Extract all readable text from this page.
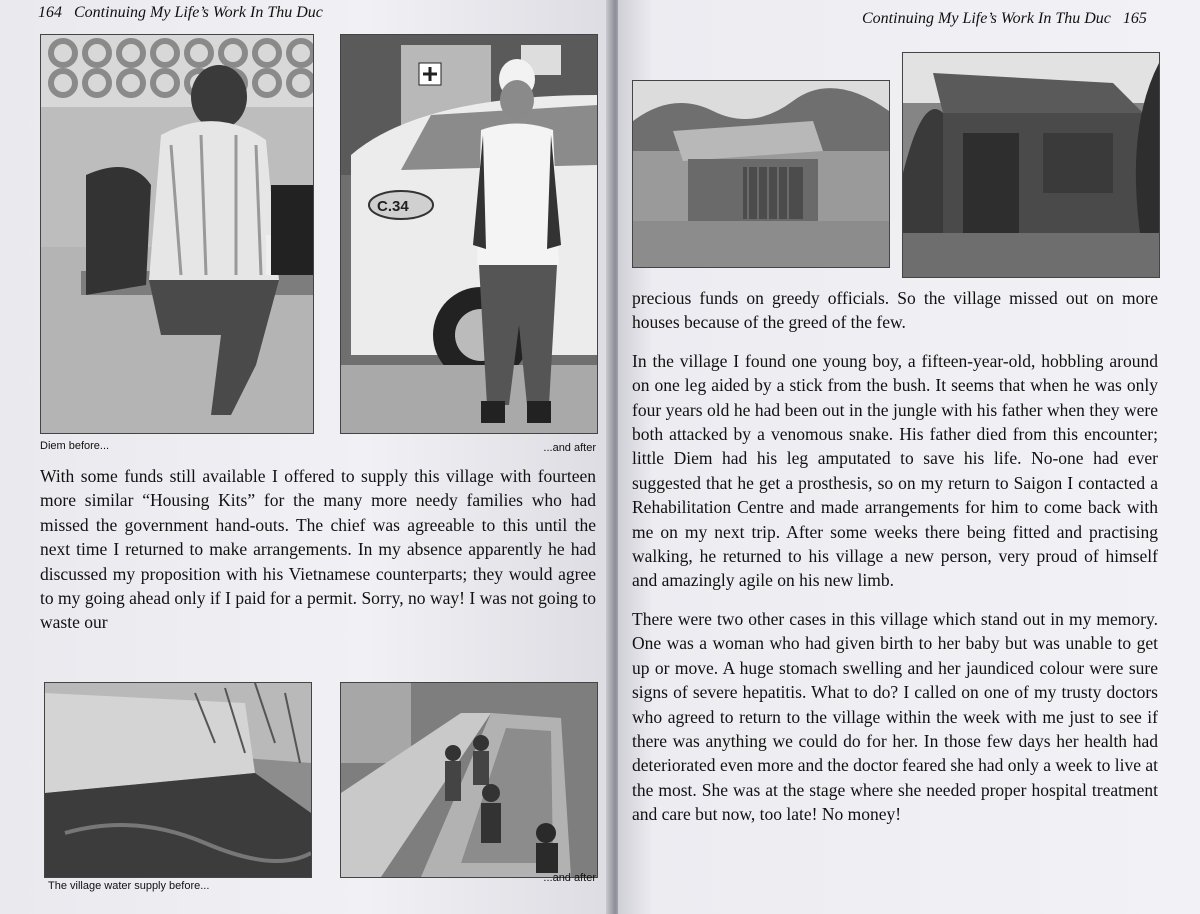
164 Continuing My Life’s Work In Thu Duc
C.34
Diem before...	...and after

With some funds still available I offered to supply this village with fourteen more similar “Housing Kits” for the many more needy families who had missed the government hand-outs. The chief was agreeable to this until the next time I returned to make arrangements. In my absence apparently he had discussed my proposition with his Vietnamese counterparts; they would agree to my going ahead only if I paid for a permit. Sorry, no way! I was not going to waste our

The village water supply before...
...and after
Continuing My Life’s Work In Thu Duc 165

precious funds on greedy officials. So the village missed out on more houses because of the greed of the few.

In the village I found one young boy, a fifteen-year-old, hobbling around on one leg aided by a stick from the bush. It seems that when he was only four years old he had been out in the jungle with his father when they were both attacked by a venomous snake. His father died from this encounter; little Diem had his leg amputated to save his life. No-one had ever suggested that he get a prosthesis, so on my return to Saigon I contacted a Rehabilitation Centre and made arrangements for him to come back with me on my next trip. After some weeks there being fitted and practising walking, he returned to his village a new person, very proud of himself and amazingly agile on his new limb.

There were two other cases in this village which stand out in my memory. One was a woman who had given birth to her baby but was unable to get up or move. A huge stomach swelling and her jaundiced colour were sure signs of severe hepatitis. What to do? I called on one of my trusty doctors who agreed to return to the village within the week with me just to see if there was anything we could do for her. In those few days her health had deteriorated even more and the doctor feared she had only a week to live at the most. She was at the stage where she needed proper hospital treatment and care but now, too late! No money!
